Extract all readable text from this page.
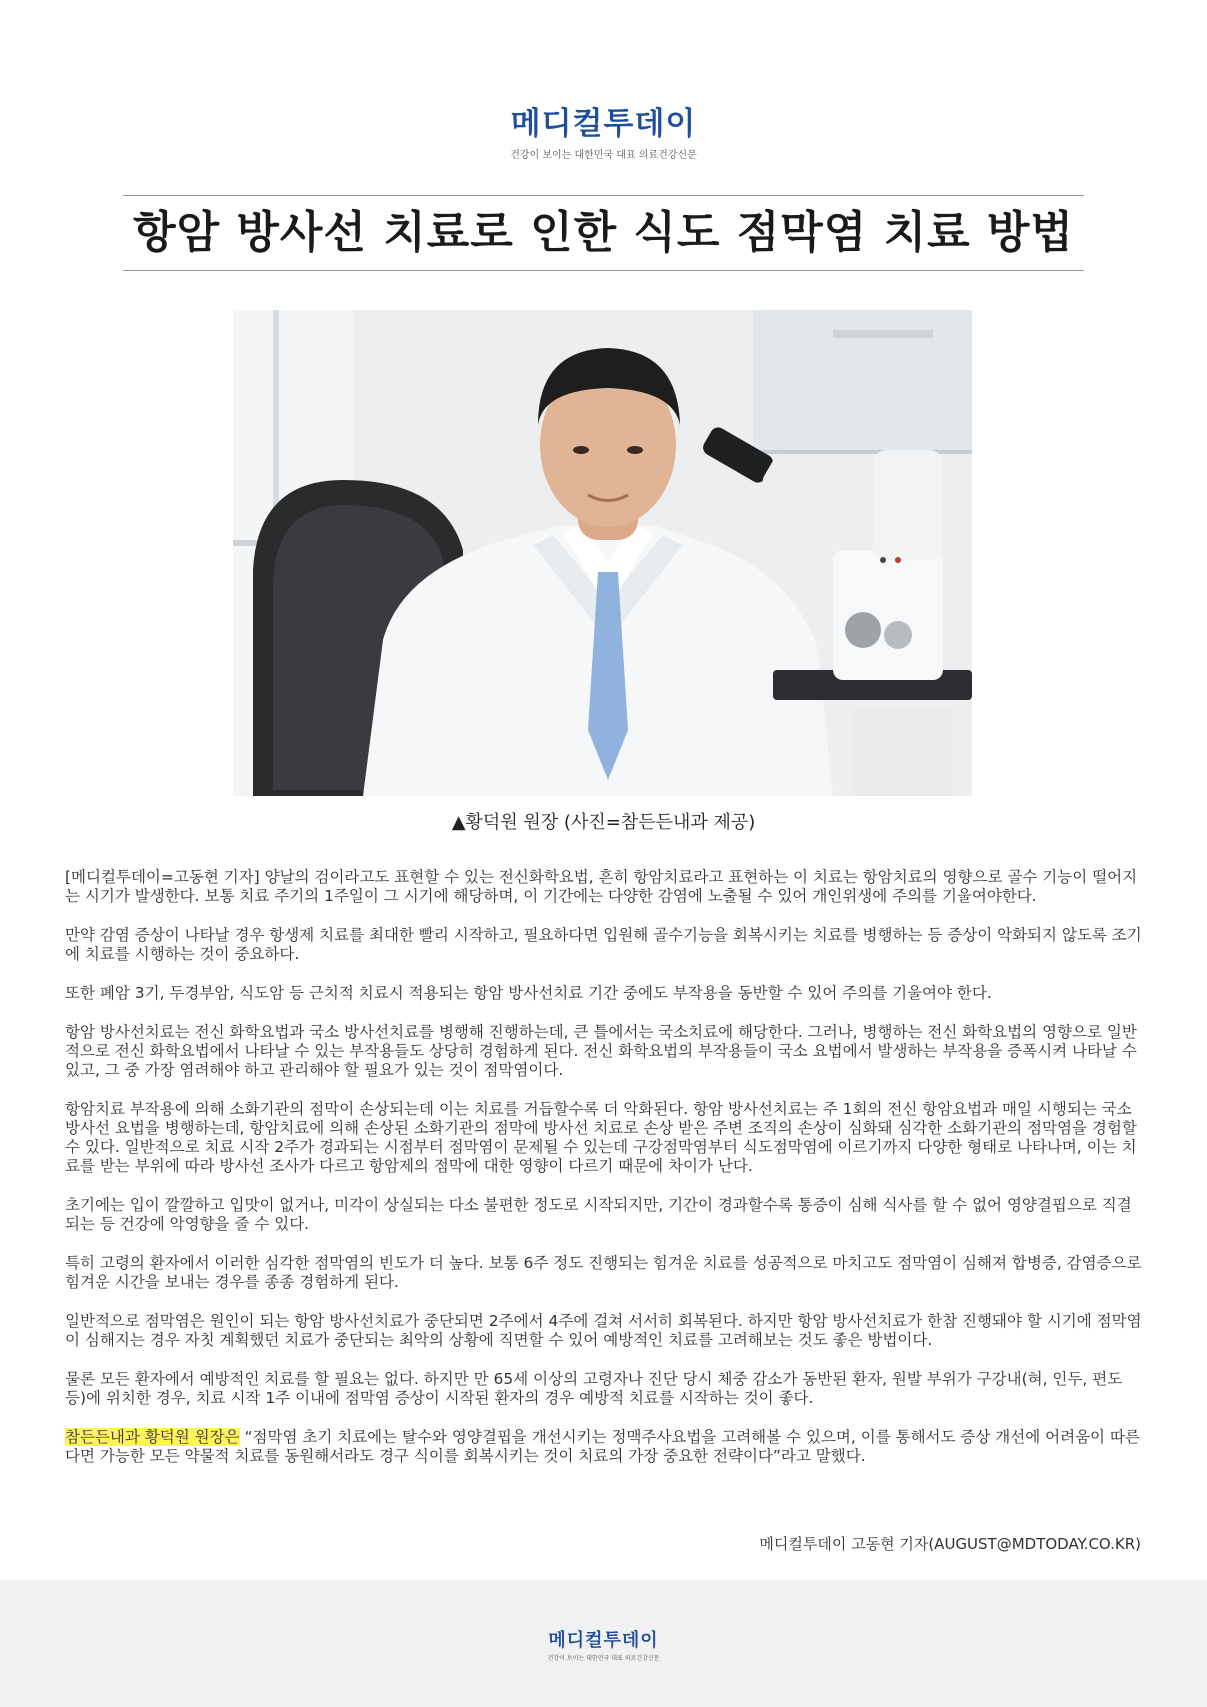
메디컬투데이
건강이 보이는 대한민국 대표 의료건강신문
항암 방사선 치료로 인한 식도 점막염 치료 방법
▲황덕원 원장 (사진=참든든내과 제공)

[메디컬투데이=고동현 기자] 양날의 검이라고도 표현할 수 있는 전신화학요법, 흔히 항암치료라고 표현하는 이 치료는 항암치료의 영향으로 골수 기능이 떨어지는 시기가 발생한다. 보통 치료 주기의 1주일이 그 시기에 해당하며, 이 기간에는 다양한 감염에 노출될 수 있어 개인위생에 주의를 기울여야한다.

만약 감염 증상이 나타날 경우 항생제 치료를 최대한 빨리 시작하고, 필요하다면 입원해 골수기능을 회복시키는 치료를 병행하는 등 증상이 악화되지 않도록 조기에 치료를 시행하는 것이 중요하다.

또한 폐암 3기, 두경부암, 식도암 등 근치적 치료시 적용되는 항암 방사선치료 기간 중에도 부작용을 동반할 수 있어 주의를 기울여야 한다.

항암 방사선치료는 전신 화학요법과 국소 방사선치료를 병행해 진행하는데, 큰 틀에서는 국소치료에 해당한다. 그러나, 병행하는 전신 화학요법의 영향으로 일반적으로 전신 화학요법에서 나타날 수 있는 부작용들도 상당히 경험하게 된다. 전신 화학요법의 부작용들이 국소 요법에서 발생하는 부작용을 증폭시켜 나타날 수 있고, 그 중 가장 염려해야 하고 관리해야 할 필요가 있는 것이 점막염이다.

항암치료 부작용에 의해 소화기관의 점막이 손상되는데 이는 치료를 거듭할수록 더 악화된다. 항암 방사선치료는 주 1회의 전신 항암요법과 매일 시행되는 국소 방사선 요법을 병행하는데, 항암치료에 의해 손상된 소화기관의 점막에 방사선 치료로 손상 받은 주변 조직의 손상이 심화돼 심각한 소화기관의 점막염을 경험할 수 있다. 일반적으로 치료 시작 2주가 경과되는 시점부터 점막염이 문제될 수 있는데 구강점막염부터 식도점막염에 이르기까지 다양한 형태로 나타나며, 이는 치료를 받는 부위에 따라 방사선 조사가 다르고 항암제의 점막에 대한 영향이 다르기 때문에 차이가 난다.

초기에는 입이 깔깔하고 입맛이 없거나, 미각이 상실되는 다소 불편한 정도로 시작되지만, 기간이 경과할수록 통증이 심해 식사를 할 수 없어 영양결핍으로 직결되는 등 건강에 악영향을 줄 수 있다.

특히 고령의 환자에서 이러한 심각한 점막염의 빈도가 더 높다. 보통 6주 정도 진행되는 힘겨운 치료를 성공적으로 마치고도 점막염이 심해져 합병증, 감염증으로 힘겨운 시간을 보내는 경우를 종종 경험하게 된다.

일반적으로 점막염은 원인이 되는 항암 방사선치료가 중단되면 2주에서 4주에 걸쳐 서서히 회복된다. 하지만 항암 방사선치료가 한참 진행돼야 할 시기에 점막염이 심해지는 경우 자칫 계획했던 치료가 중단되는 최악의 상황에 직면할 수 있어 예방적인 치료를 고려해보는 것도 좋은 방법이다.

물론 모든 환자에서 예방적인 치료를 할 필요는 없다. 하지만 만 65세 이상의 고령자나 진단 당시 체중 감소가 동반된 환자, 원발 부위가 구강내(혀, 인두, 편도 등)에 위치한 경우, 치료 시작 1주 이내에 점막염 증상이 시작된 환자의 경우 예방적 치료를 시작하는 것이 좋다.

참든든내과 황덕원 원장은 “점막염 초기 치료에는 탈수와 영양결핍을 개선시키는 정맥주사요법을 고려해볼 수 있으며, 이를 통해서도 증상 개선에 어려움이 따른다면 가능한 모든 약물적 치료를 동원해서라도 경구 식이를 회복시키는 것이 치료의 가장 중요한 전략이다”라고 말했다.

메디컬투데이 고동현 기자(AUGUST@MDTODAY.CO.KR)
메디컬투데이
건강이 보이는 대한민국 대표 의료건강신문
